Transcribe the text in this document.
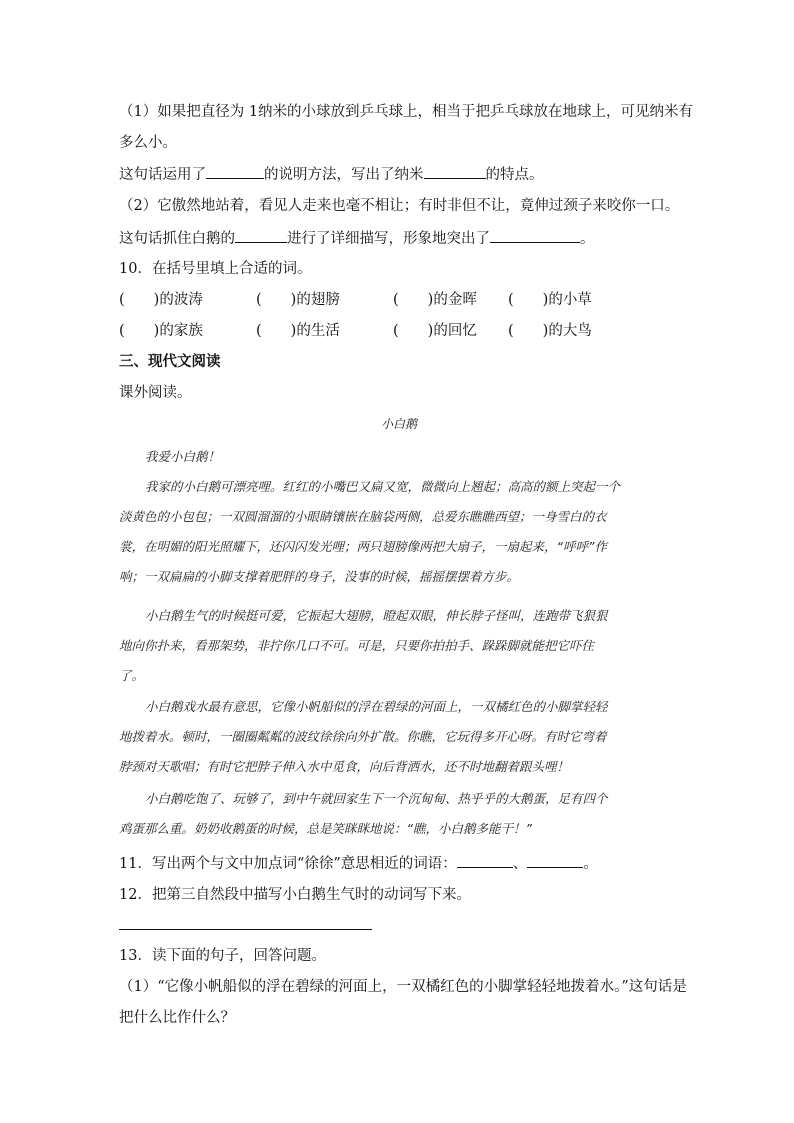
（1）如果把直径为 1纳米的小球放到乒乓球上，相当于把乒乓球放在地球上，可见纳米有
多么小。
这句话运用了	的说明方法，写出了纳米	的特点。
（2）它傲然地站着，看见人走来也毫不相让；有时非但不让，竟伸过颈子来咬你一口。
这句话抓住白鹅的	进行了详细描写，形象地突出了	。
10．在括号里填上合适的词。
(　　)的波涛	(　　)的翅膀	(　　)的金晖 (　　)的小草
(　　)的家族	(　　)的生活	(　　)的回忆 (　　)的大鸟
三、现代文阅读
课外阅读。
小白鹅
我爱小白鹅！
我家的小白鹅可漂亮哩。红红的小嘴巴又扁又宽，微微向上翘起；高高的额上突起一个
淡黄色的小包包；一双圆溜溜的小眼睛镶嵌在脑袋两侧，总爱东瞧瞧西望；一身雪白的衣
裳，在明媚的阳光照耀下，还闪闪发光哩；两只翅膀像两把大扇子，一扇起来，“呼呼”作
响；一双扁扁的小脚支撑着肥胖的身子，没事的时候，摇摇摆摆着方步。
小白鹅生气的时候挺可爱，它振起大翅膀，瞪起双眼，伸长脖子怪叫，连跑带飞狠狠
地向你扑来，看那架势，非拧你几口不可。可是，只要你拍拍手、跺跺脚就能把它吓住
了。
小白鹅戏水最有意思，它像小帆船似的浮在碧绿的河面上，一双橘红色的小脚掌轻轻
地拨着水。顿时，一圈圈粼粼的波纹徐徐向外扩散。你瞧，它玩得多开心呀。有时它弯着
脖颈对天歌唱；有时它把脖子伸入水中觅食，向后背洒水，还不时地翻着跟头哩！
小白鹅吃饱了、玩够了，到中午就回家生下一个沉甸甸、热乎乎的大鹅蛋，足有四个
鸡蛋那么重。奶奶收鹅蛋的时候，总是笑眯眯地说：“瞧，小白鹅多能干！”
11．写出两个与文中加点词“徐徐”意思相近的词语：	、	。
12．把第三自然段中描写小白鹅生气时的动词写下来。
13．读下面的句子，回答问题。
（1）“它像小帆船似的浮在碧绿的河面上，一双橘红色的小脚掌轻轻地拨着水。”这句话是
把什么比作什么？
